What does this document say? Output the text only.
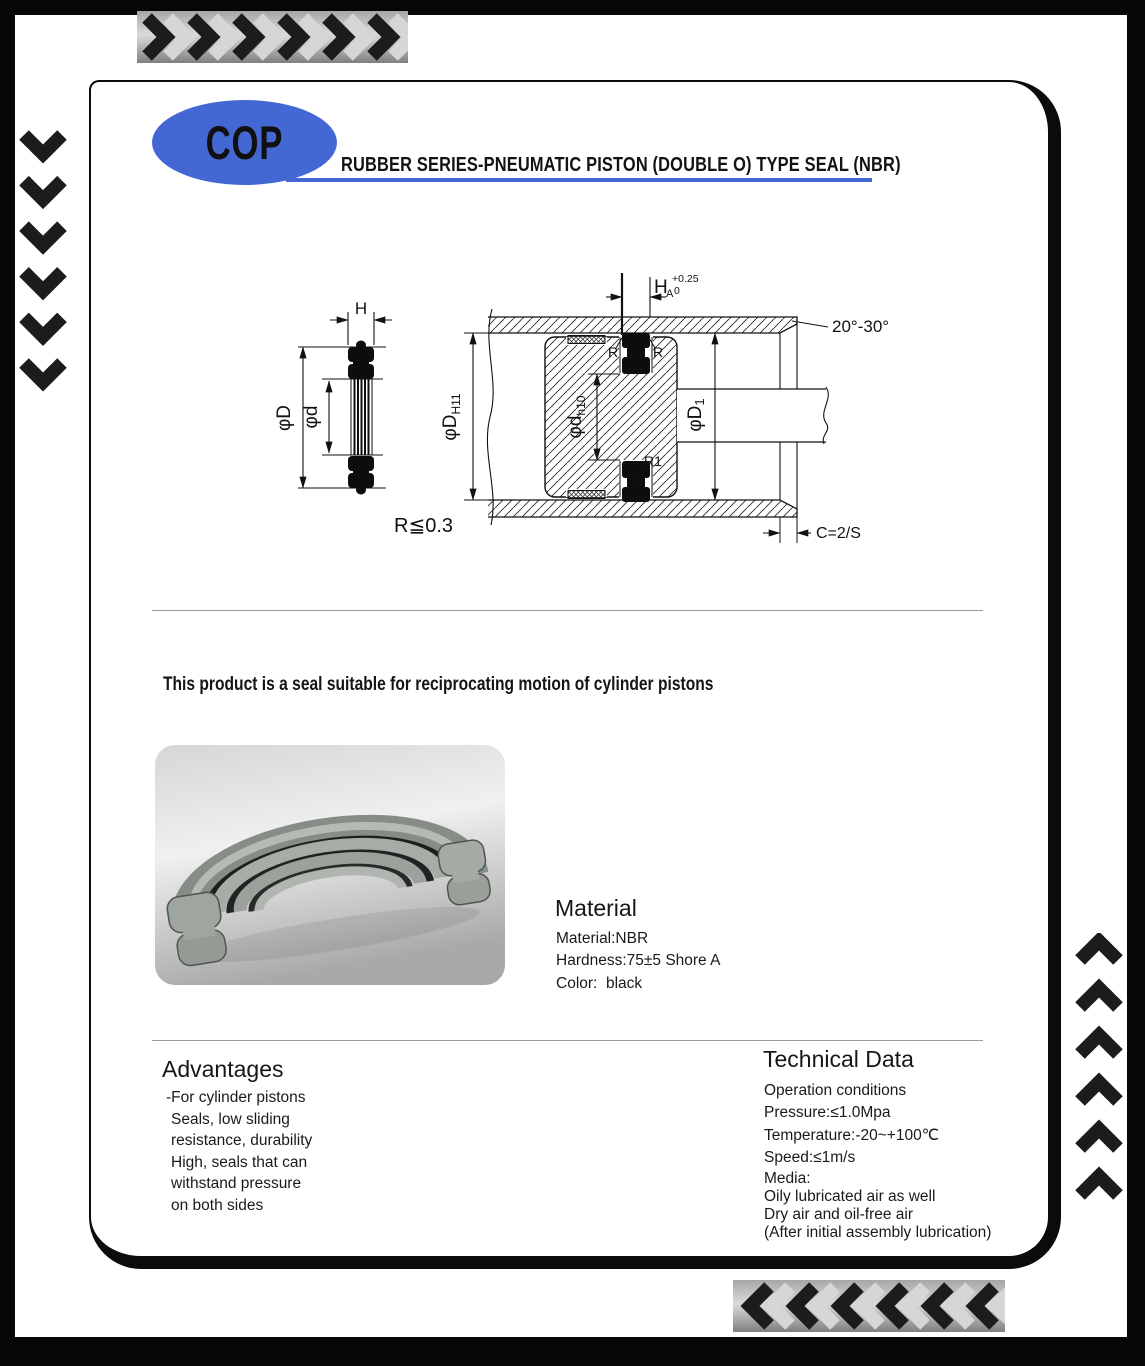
COP	RUBBER SERIES-PNEUMATIC PISTON (DOUBLE O) TYPE SEAL (NBR)
H
φD φd	$\varphi D_{H11}$
$\varphi d_{h10}$
φD1
H
A
+0.25
0
R R
R1
20°-30°
C=2/S
R≦0.3
This product is a seal suitable for reciprocating motion of cylinder pistons
Material
Material:NBR
Hardness:75±5 Shore A
Color:  black
Advantages
-For cylinder pistons
Seals, low sliding
resistance, durability
High, seals that can
withstand pressure
on both sides
Technical Data
Operation conditions
Pressure:≤1.0Mpa
Temperature:-20~+100℃
Speed:≤1m/s
Media:
Oily lubricated air as well
Dry air and oil-free air
(After initial assembly lubrication)
